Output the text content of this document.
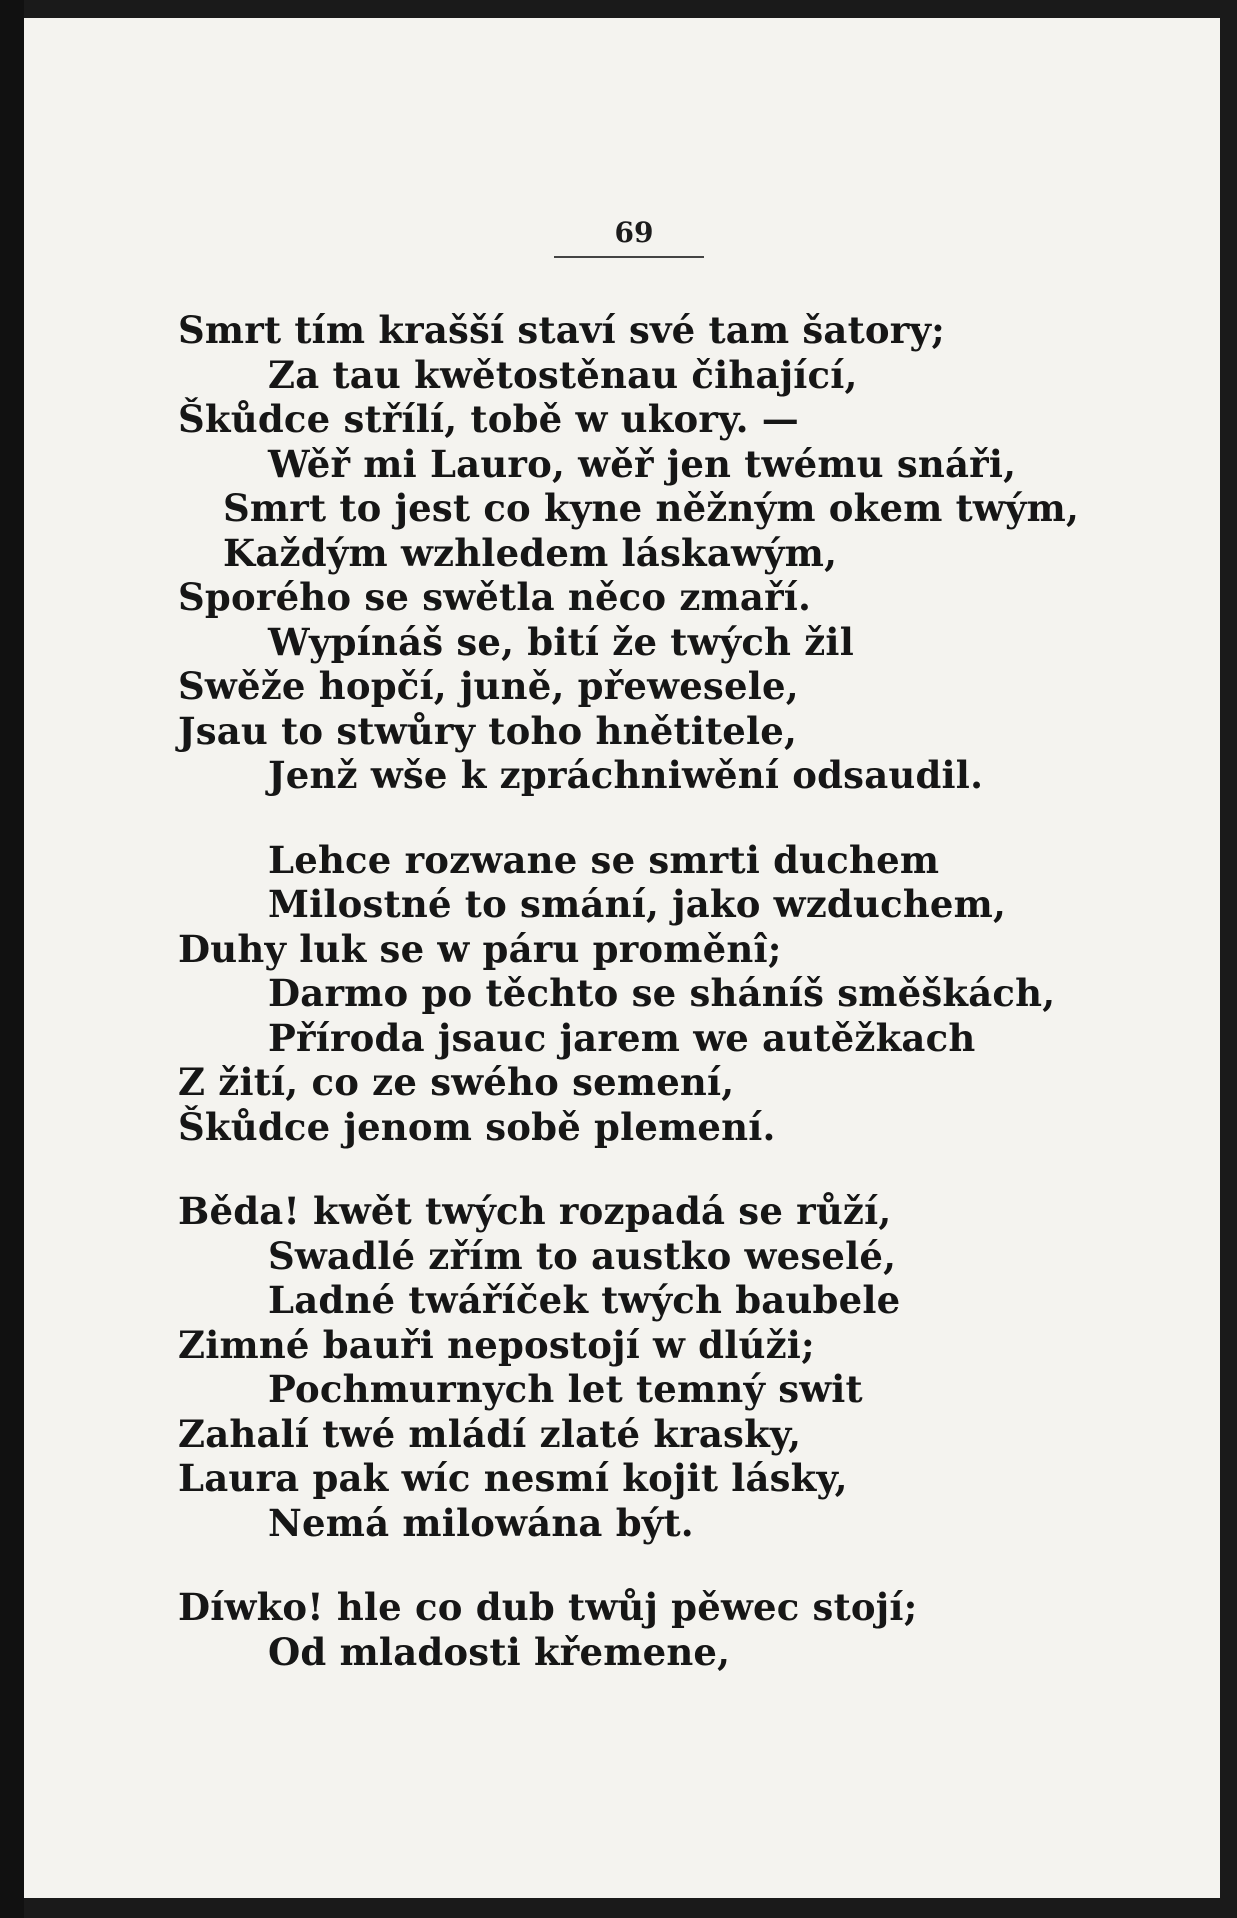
69
Smrt tím krašší staví své tam šatory;
Za tau kwětostěnau čihající,
Škůdce střílí, tobě w ukory. —
Wěř mi Lauro, wěř jen twému snáři,
Smrt to jest co kyne něžným okem twým,
Každým wzhledem láskawým,
Sporého se swětla něco zmaří.
Wypínáš se, bití že twých žil
Swěže hopčí, juně, přewesele,
Jsau to stwůry toho hnětitele,
Jenž wše k zpráchniwění odsaudil.
Lehce rozwane se smrti duchem
Milostné to smání, jako wzduchem,
Duhy luk se w páru proměnî;
Darmo po těchto se sháníš směškách,
Příroda jsauc jarem we autěžkach
Z žití, co ze swého semení,
Škůdce jenom sobě plemení.
Běda! kwět twých rozpadá se růží,
Swadlé zřím to austko weselé,
Ladné twáříček twých baubele
Zimné bauři nepostojí w dlúži;
Pochmurnych let temný swit
Zahalí twé mládí zlaté krasky,
Laura pak wíc nesmí kojit lásky,
Nemá milowána být.
Díwko! hle co dub twůj pěwec stojí;
Od mladosti křemene,
